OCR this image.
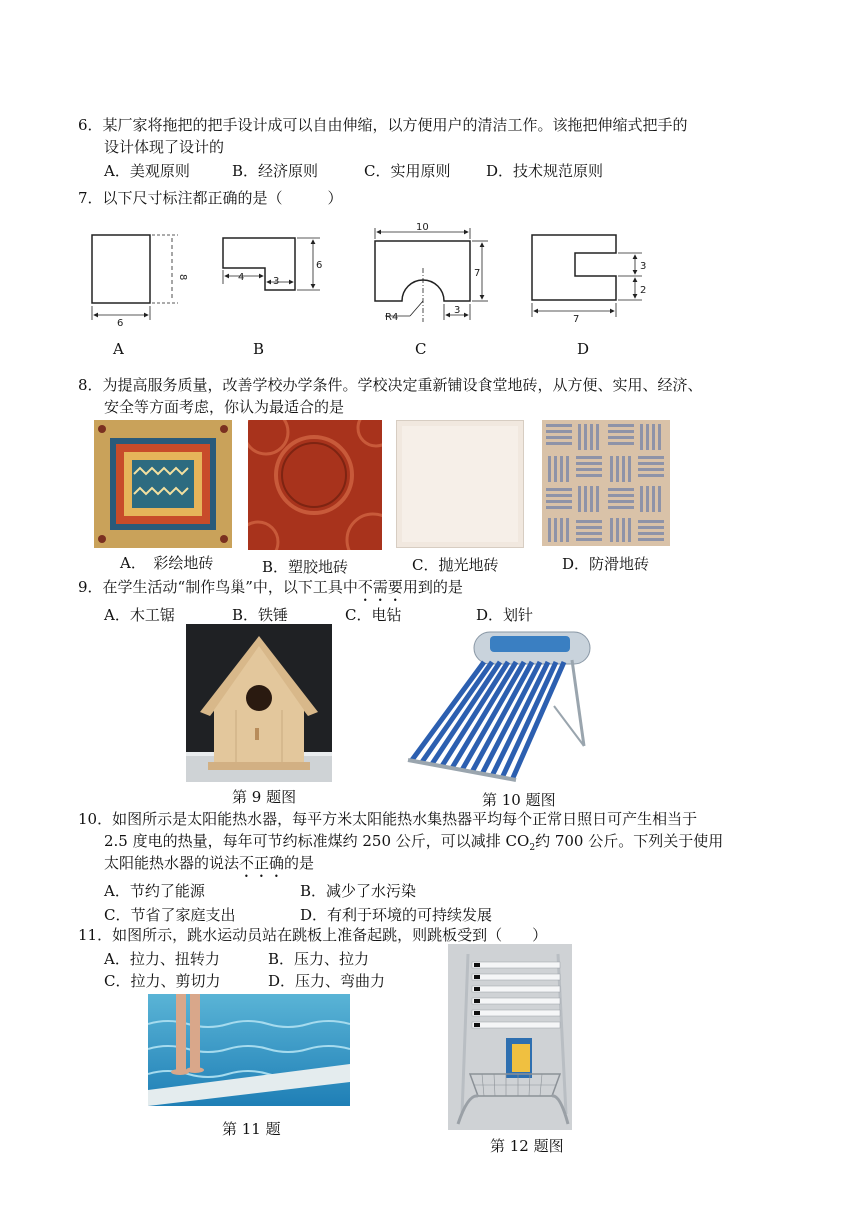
6．某厂家将拖把的把手设计成可以自由伸缩，以方便用户的清洁工作。该拖把伸缩式把手的
设计体现了设计的
A．美观原则	B．经济原则	C．实用原则 D．技术规范原则
7．以下尺寸标注都正确的是（　　　）
6
8	4	3
6
10
7
R4
3
3
2
7
A	B	C	D
8．为提高服务质量，改善学校办学条件。学校决定重新铺设食堂地砖，从方便、实用、经济、
安全等方面考虑，你认为最适合的是
A．　彩绘地砖	B．塑胶地砖	C．抛光地砖	D．防滑地砖
9．在学生活动“制作鸟巢”中，以下工具中不需要用到的是
A．木工锯	B．铁锤	C．电钻	D．划针
第 9 题图	第 10 题图
10．如图所示是太阳能热水器，每平方米太阳能热水集热器平均每个正常日照日可产生相当于
2.5 度电的热量，每年可节约标准煤约 250 公斤，可以减排 $CO_2$约 700 公斤。下列关于使用
太阳能热水器的说法不正确的是
A．节约了能源	B．减少了水污染
C．节省了家庭支出	D．有利于环境的可持续发展
11．如图所示，跳水运动员站在跳板上准备起跳，则跳板受到（　　）
A．拉力、扭转力	B．压力、拉力
C．拉力、剪切力	D．压力、弯曲力
第 11 题
第 12 题图
